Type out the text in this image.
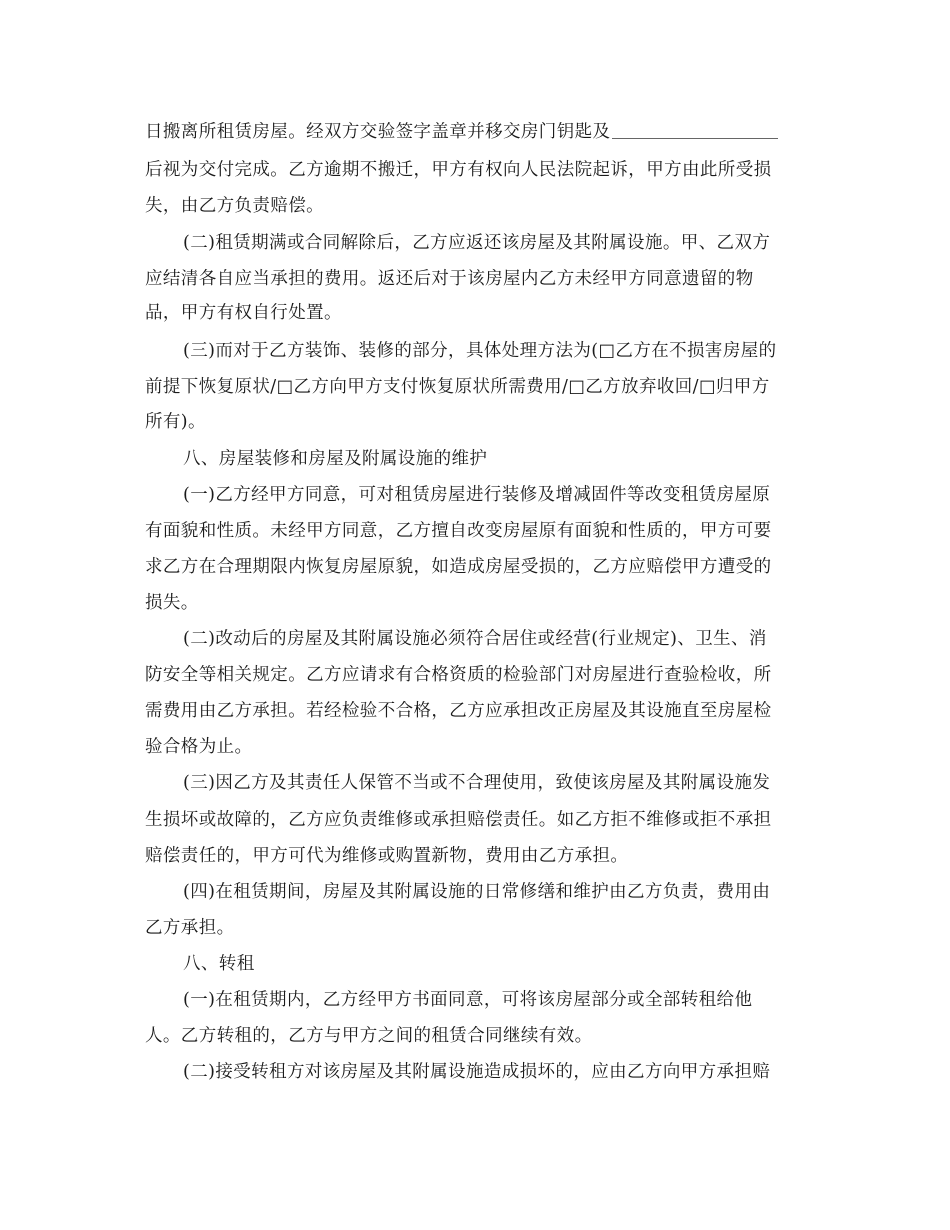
日搬离所租赁房屋。经双方交验签字盖章并移交房门钥匙及
后视为交付完成。乙方逾期不搬迁，甲方有权向人民法院起诉，甲方由此所受损
失，由乙方负责赔偿。
(二)租赁期满或合同解除后，乙方应返还该房屋及其附属设施。甲、乙双方
应结清各自应当承担的费用。返还后对于该房屋内乙方未经甲方同意遗留的物
品，甲方有权自行处置。
(三)而对于乙方装饰、装修的部分，具体处理方法为(□乙方在不损害房屋的
前提下恢复原状/□乙方向甲方支付恢复原状所需费用/□乙方放弃收回/□归甲方
所有)。
八、房屋装修和房屋及附属设施的维护
(一)乙方经甲方同意，可对租赁房屋进行装修及增减固件等改变租赁房屋原
有面貌和性质。未经甲方同意，乙方擅自改变房屋原有面貌和性质的，甲方可要
求乙方在合理期限内恢复房屋原貌，如造成房屋受损的，乙方应赔偿甲方遭受的
损失。
(二)改动后的房屋及其附属设施必须符合居住或经营(行业规定)、卫生、消
防安全等相关规定。乙方应请求有合格资质的检验部门对房屋进行查验检收，所
需费用由乙方承担。若经检验不合格，乙方应承担改正房屋及其设施直至房屋检
验合格为止。
(三)因乙方及其责任人保管不当或不合理使用，致使该房屋及其附属设施发
生损坏或故障的，乙方应负责维修或承担赔偿责任。如乙方拒不维修或拒不承担
赔偿责任的，甲方可代为维修或购置新物，费用由乙方承担。
(四)在租赁期间，房屋及其附属设施的日常修缮和维护由乙方负责，费用由
乙方承担。
八、转租
(一)在租赁期内，乙方经甲方书面同意，可将该房屋部分或全部转租给他
人。乙方转租的，乙方与甲方之间的租赁合同继续有效。
(二)接受转租方对该房屋及其附属设施造成损坏的，应由乙方向甲方承担赔
